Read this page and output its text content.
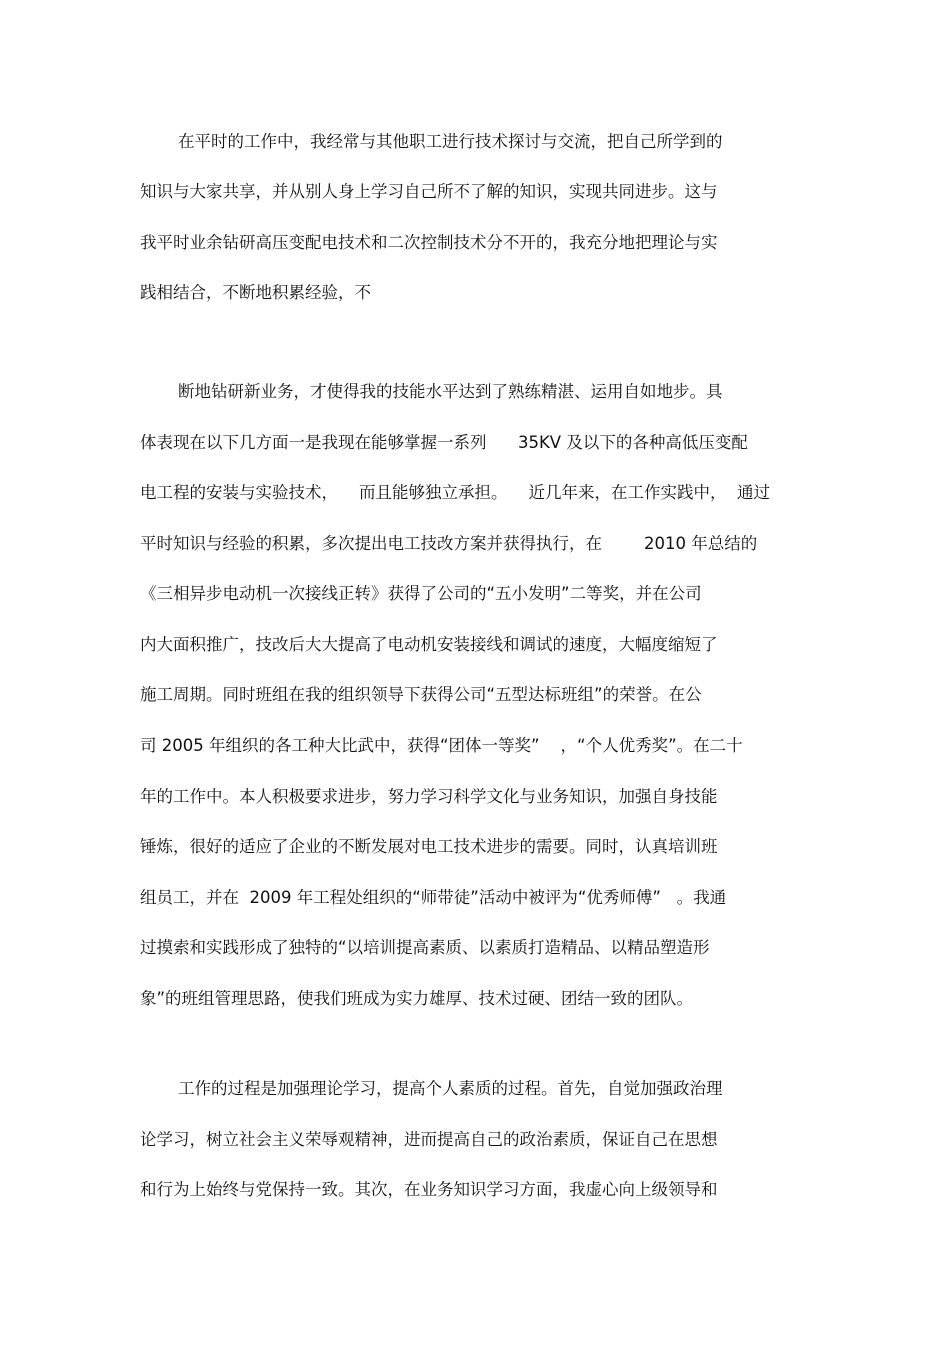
在平时的工作中，我经常与其他职工进行技术探讨与交流，把自己所学到的
知识与大家共享，并从别人身上学习自己所不了解的知识，实现共同进步。这与
我平时业余钻研高压变配电技术和二次控制技术分不开的，我充分地把理论与实
践相结合，不断地积累经验，不
断地钻研新业务，才使得我的技能水平达到了熟练精湛、运用自如地步。具
体表现在以下几方面一是我现在能够掌握一系列      35KV 及以下的各种高低压变配
电工程的安装与实验技术，    而且能够独立承担。    近几年来，在工作实践中，  通过
平时知识与经验的积累，多次提出电工技改方案并获得执行，在        2010 年总结的
《三相异步电动机一次接线正转》获得了公司的“五小发明”二等奖，并在公司
内大面积推广，技改后大大提高了电动机安装接线和调试的速度，大幅度缩短了
施工周期。同时班组在我的组织领导下获得公司“五型达标班组”的荣誉。在公
司 2005 年组织的各工种大比武中，获得“团体一等奖”    ，“个人优秀奖”。在二十
年的工作中。本人积极要求进步，努力学习科学文化与业务知识，加强自身技能
锤炼，很好的适应了企业的不断发展对电工技术进步的需要。同时，认真培训班
组员工，并在  2009 年工程处组织的“师带徒”活动中被评为“优秀师傅”   。我通
过摸索和实践形成了独特的“以培训提高素质、以素质打造精品、以精品塑造形
象”的班组管理思路，使我们班成为实力雄厚、技术过硬、团结一致的团队。
工作的过程是加强理论学习，提高个人素质的过程。首先，自觉加强政治理
论学习，树立社会主义荣辱观精神，进而提高自己的政治素质，保证自己在思想
和行为上始终与党保持一致。其次，在业务知识学习方面，我虚心向上级领导和
